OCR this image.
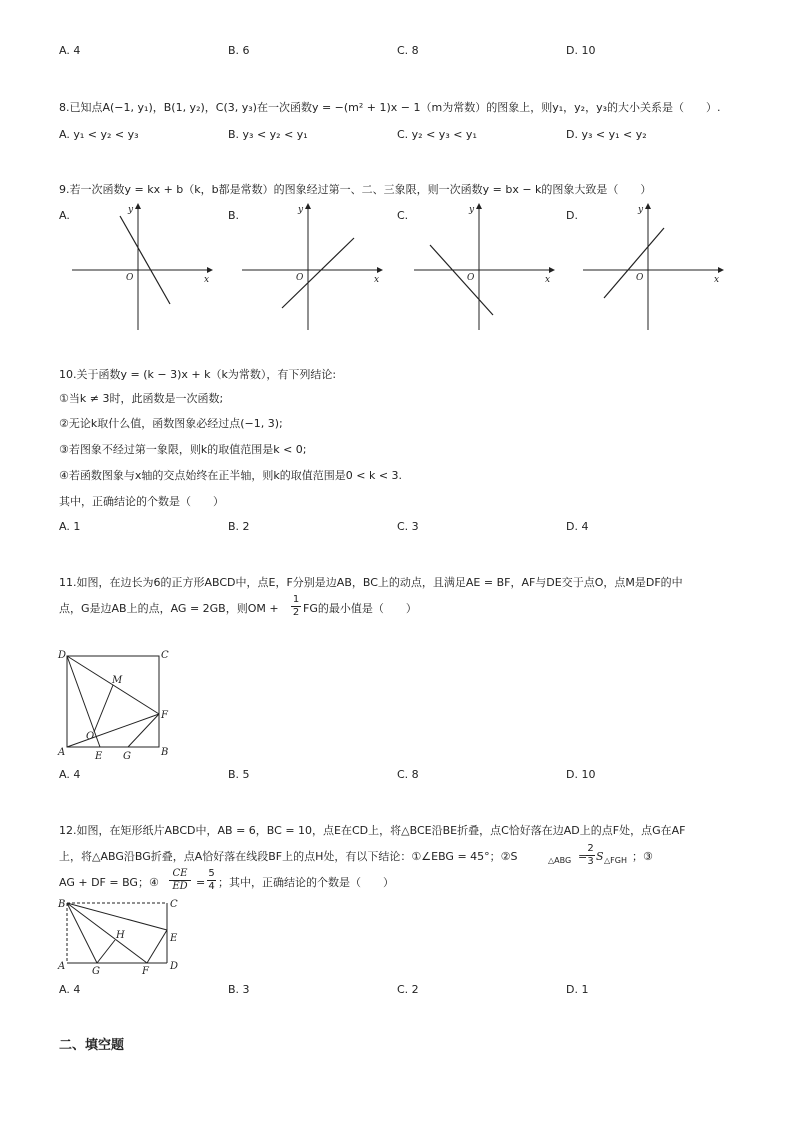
A. 4	B. 6	C. 8	D. 10
8.已知点A(−1, y₁)，B(1, y₂)，C(3, y₃)在一次函数y = −(m² + 1)x − 1（m为常数）的图象上，则y₁，y₂，y₃的大小关系是（　　）.
A. y₁ < y₂ < y₃	B. y₃ < y₂ < y₁	C. y₂ < y₃ < y₁	D. y₃ < y₁ < y₂
9.若一次函数y = kx + b（k，b都是常数）的图象经过第一、二、三象限，则一次函数y = bx − k的图象大致是（　　）
A.	B.	C.	D.
O	x
y
O	x
y
O	x
y
O	x
y
10.关于函数y = (k − 3)x + k（k为常数），有下列结论:
①当k ≠ 3时，此函数是一次函数;
②无论k取什么值，函数图象必经过点(−1, 3);
③若图象不经过第一象限，则k的取值范围是k < 0;
④若函数图象与x轴的交点始终在正半轴，则k的取值范围是0 < k < 3.
其中，正确结论的个数是（　　）
A. 1	B. 2	C. 3	D. 4
11.如图，在边长为6的正方形ABCD中，点E，F分别是边AB，BC上的动点，且满足AE = BF，AF与DE交于点O，点M是DF的中
点，G是边AB上的点，AG = 2GB，则OM + $\frac{1}{2}$ FG的最小值是（　　）
D	C
M
F
O
A	E G	B
A. 4	B. 5	C. 8	D. 10
12.如图，在矩形纸片ABCD中，AB = 6，BC = 10，点E在CD上，将△BCE沿BE折叠，点C恰好落在边AD上的点F处，点G在AF
上，将△ABG沿BG折叠，点A恰好落在线段BF上的点H处，有以下结论：①∠EBG = 45°；②S	△ABG =
$\frac{2}{3}$ S △FGH ；③
AG + DF = BG；④ $\frac{CE}{ED} = \frac{5}{4}$ ；其中，正确结论的个数是（　　）
B	C
H	E
A	G	F D
A. 4	B. 3	C. 2	D. 1
二、填空题
